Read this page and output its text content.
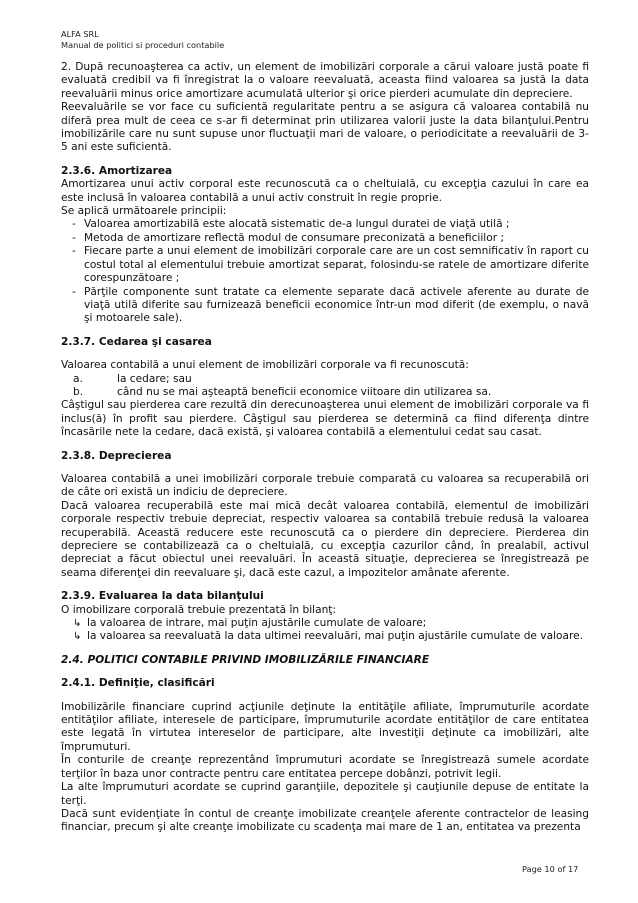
ALFA SRL
Manual de politici si proceduri contabile

2. După recunoaşterea ca activ, un element de imobilizări corporale a cărui valoare justă poate fi evaluată credibil va fi înregistrat la o valoare reevaluată, aceasta fiind valoarea sa justă la data reevaluării minus orice amortizare acumulată ulterior şi orice pierderi acumulate din depreciere.

Reevaluările se vor face cu suficientă regularitate pentru a se asigura că valoarea contabilă nu diferă prea mult de ceea ce s-ar fi determinat prin utilizarea valorii juste la data bilanţului.Pentru imobilizările care nu sunt supuse unor fluctuaţii mari de valoare, o periodicitate a reevaluării de 3-5 ani este suficientă.

2.3.6. Amortizarea

Amortizarea unui activ corporal este recunoscută ca o cheltuială, cu excepţia cazului în care ea este inclusă în valoarea contabilă a unui activ construit în regie proprie.

Se aplică următoarele principii:

- Valoarea amortizabilă este alocată sistematic de-a lungul duratei de viaţă utilă ;
- Metoda de amortizare reflectă modul de consumare preconizată a beneficiilor ;
- Fiecare parte a unui element de imobilizări corporale care are un cost semnificativ în raport cu costul total al elementului trebuie amortizat separat, folosindu-se ratele de amortizare diferite corespunzătoare ;
- Părţile componente sunt tratate ca elemente separate dacă activele aferente au durate de viaţă utilă diferite sau furnizează beneficii economice într-un mod diferit (de exemplu, o navă şi motoarele sale).

2.3.7. Cedarea şi casarea

Valoarea contabilă a unui element de imobilizări corporale va fi recunoscută:

a.	la cedare; sau
b.	când nu se mai aşteaptă beneficii economice viitoare din utilizarea sa.

Câştigul sau pierderea care rezultă din derecunoaşterea unui element de imobilizări corporale va fi inclus(ă) în profit sau pierdere. Câştigul sau pierderea se determină ca fiind diferenţa dintre încasările nete la cedare, dacă există, şi valoarea contabilă a elementului cedat sau casat.

2.3.8. Deprecierea

Valoarea contabilă a unei imobilizări corporale trebuie comparată cu valoarea sa recuperabilă ori de câte ori există un indiciu de depreciere.

Dacă valoarea recuperabilă este mai mică decât valoarea contabilă, elementul de imobilizări corporale respectiv trebuie depreciat, respectiv valoarea sa contabilă trebuie redusă la valoarea recuperabilă. Această reducere este recunoscută ca o pierdere din depreciere. Pierderea din depreciere se contabilizează ca o cheltuială, cu excepţia cazurilor când, în prealabil, activul depreciat a făcut obiectul unei reevaluări. În această situaţie, deprecierea se înregistrează pe seama diferenţei din reevaluare şi, dacă este cazul, a impozitelor amânate aferente.

2.3.9. Evaluarea la data bilanţului

O imobilizare corporală trebuie prezentată în bilanţ:

↳ la valoarea de intrare, mai puţin ajustările cumulate de valoare;
↳ la valoarea sa reevaluată la data ultimei reevaluări, mai puţin ajustările cumulate de valoare.

2.4. POLITICI CONTABILE PRIVIND IMOBILIZĂRILE FINANCIARE

2.4.1. Definiţie, clasificări

Imobilizările financiare cuprind acţiunile deţinute la entităţile afiliate, împrumuturile acordate entităţilor afiliate, interesele de participare, împrumuturile acordate entităţilor de care entitatea este legată în virtutea intereselor de participare, alte investiţii deţinute ca imobilizări, alte împrumuturi.

În conturile de creanţe reprezentând împrumuturi acordate se înregistrează sumele acordate terţilor în baza unor contracte pentru care entitatea percepe dobânzi, potrivit legii.

La alte împrumuturi acordate se cuprind garanţiile, depozitele şi cauţiunile depuse de entitate la terţi.

Dacă sunt evidenţiate în contul de creanţe imobilizate creanţele aferente contractelor de leasing financiar, precum şi alte creanţe imobilizate cu scadenţa mai mare de 1 an, entitatea va prezenta

Page 10 of 17
